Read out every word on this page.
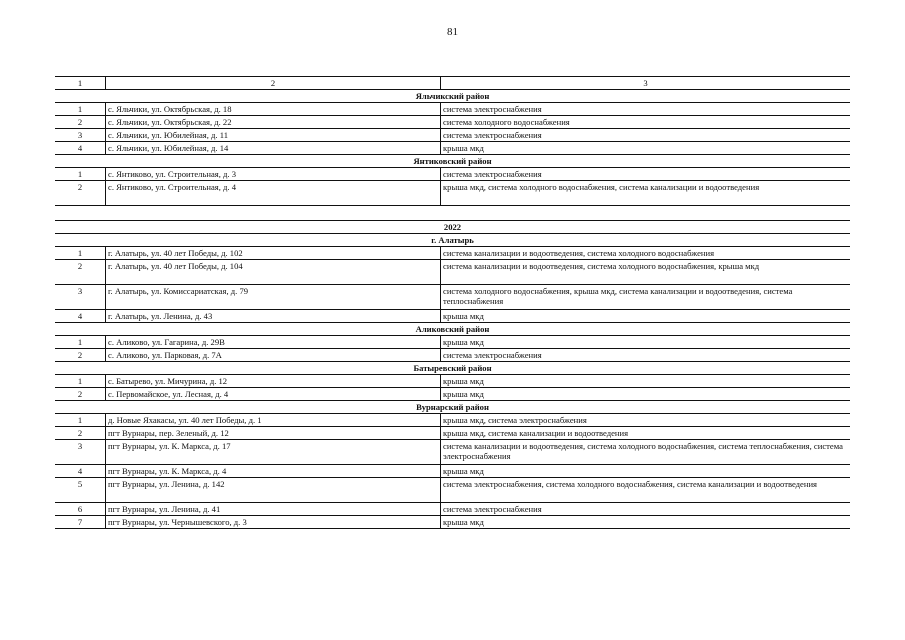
81
1	2	3
Яльчикский район		
1	с. Яльчики, ул. Октябрьская, д. 18	система электроснабжения
2	с. Яльчики, ул. Октябрьская, д. 22	система холодного водоснабжения
3	с. Яльчики, ул. Юбилейная, д. 11	система электроснабжения
4	с. Яльчики, ул. Юбилейная, д. 14	крыша мкд
Янтиковский район		
1	с. Янтиково, ул. Строительная, д. 3	система электроснабжения
2	с. Янтиково, ул. Строительная, д. 4	крыша мкд, система холодного водоснабжения, система канализации и водоотведения

2022		
г. Алатырь		
1	г. Алатырь, ул. 40 лет Победы, д. 102	система канализации и водоотведения, система холодного водоснабжения
2	г. Алатырь, ул. 40 лет Победы, д. 104	система канализации и водоотведения, система холодного водоснабжения, крыша мкд
3	г. Алатырь, ул. Комиссариатская, д. 79	система холодного водоснабжения, крыша мкд, система канализации и водоотведения, система теплоснабжения
4	г. Алатырь, ул. Ленина, д. 43	крыша мкд
Аликовский район		
1	с. Аликово, ул. Гагарина, д. 29В	крыша мкд
2	с. Аликово, ул. Парковая, д. 7А	система электроснабжения
Батыревский район		
1	с. Батырево, ул. Мичурина, д. 12	крыша мкд
2	с. Первомайское, ул. Лесная, д. 4	крыша мкд
Вурнарский район		
1	д. Новые Яхакасы, ул. 40 лет Победы, д. 1	крыша мкд, система электроснабжения
2	пгт Вурнары, пер. Зеленый, д. 12	крыша мкд, система канализации и водоотведения
3	пгт Вурнары, ул. К. Маркса, д. 17	система канализации и водоотведения, система холодного водоснабжения, система теплоснабжения, система электроснабжения
4	пгт Вурнары, ул. К. Маркса, д. 4	крыша мкд
5	пгт Вурнары, ул. Ленина, д. 142	система электроснабжения, система холодного водоснабжения, система канализации и водоотведения
6	пгт Вурнары, ул. Ленина, д. 41	система электроснабжения
7	пгт Вурнары, ул. Чернышевского, д. 3	крыша мкд
